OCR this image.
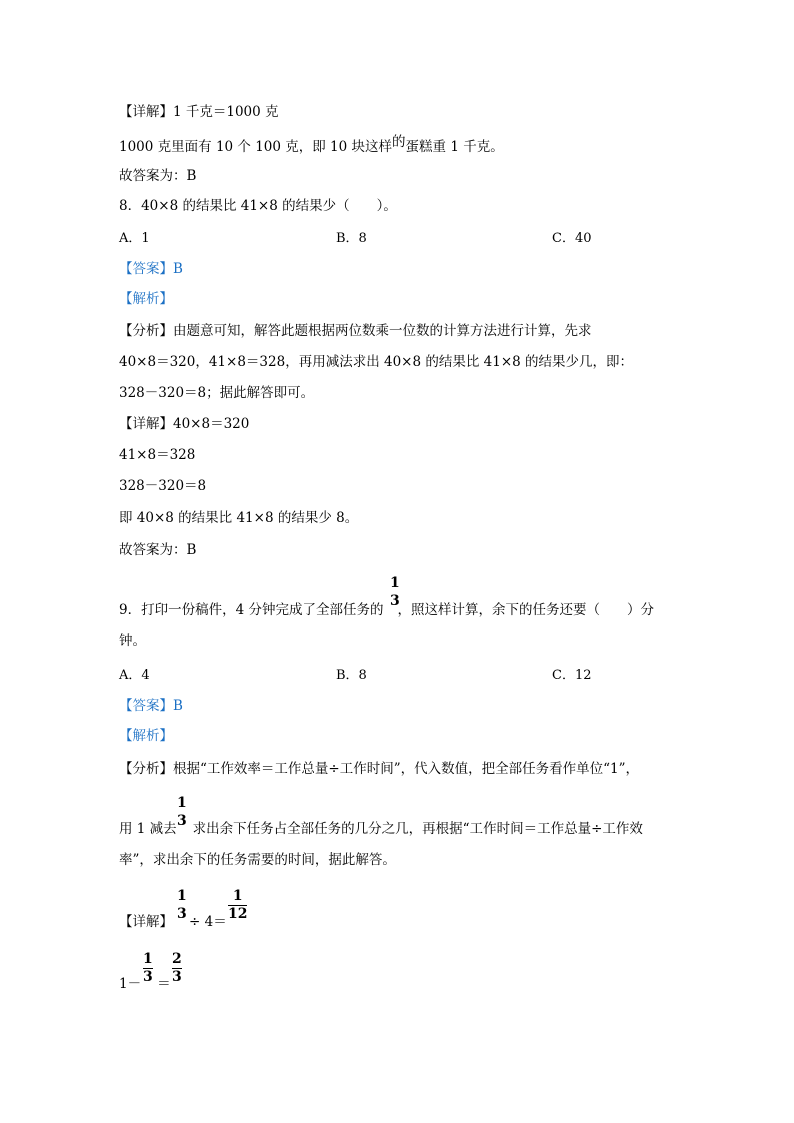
【详解】1 千克＝1000 克
1000 克里面有 10 个 100 克，即 10 块这样的蛋糕重 1 千克。
故答案为：B
8．40×8 的结果比 41×8 的结果少（　　）。
A．1	B．8	C．40
【答案】B
【解析】
【分析】由题意可知，解答此题根据两位数乘一位数的计算方法进行计算，先求
40×8＝320，41×8＝328，再用减法求出 40×8 的结果比 41×8 的结果少几，即：
328－320＝8；据此解答即可。
【详解】40×8＝320
41×8＝328
328－320＝8
即 40×8 的结果比 41×8 的结果少 8。
故答案为：B
9．打印一份稿件，4 分钟完成了全部任务的 ，照这样计算，余下的任务还要（　　）分
1
3
钟。
A．4	B．8	C．12
【答案】B
【解析】
【分析】根据“工作效率＝工作总量÷工作时间”，代入数值，把全部任务看作单位“1”，
用 1 减去 求出余下任务占全部任务的几分之几，再根据“工作时间＝工作总量÷工作效
1
3
率”，求出余下的任务需要的时间，据此解答。
【详解】 ÷ 4＝
1
3
1
12
1－ ＝
1
3
2
3
